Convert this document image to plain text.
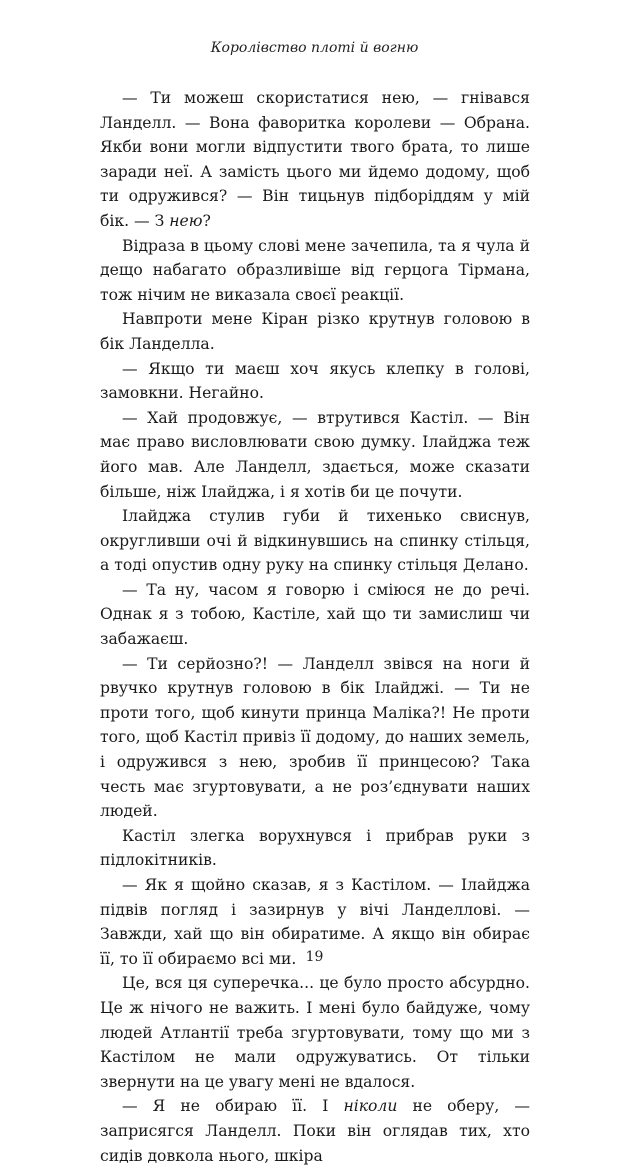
Королівство плоті й вогню

— Ти можеш скористатися нею, — гнівався Ланделл. — Вона фаворитка королеви — Обрана. Якби вони могли відпустити твого брата, то лише заради неї. А замість цього ми йдемо додому, щоб ти одружився? — Він тицьнув підборіддям у мій бік. — З нею?

Відраза в цьому слові мене зачепила, та я чула й дещо набагато образливіше від герцога Тірмана, тож нічим не виказала своєї реакції.

Навпроти мене Кіран різко крутнув головою в бік Ланделла.

— Якщо ти маєш хоч якусь клепку в голові, замовкни. Негайно.

— Хай продовжує, — втрутився Кастіл. — Він має право висловлювати свою думку. Ілайджа теж його мав. Але Ланделл, здається, може сказати більше, ніж Ілайджа, і я хотів би це почути.

Ілайджа стулив губи й тихенько свиснув, округливши очі й відкинувшись на спинку стільця, а тоді опустив одну руку на спинку стільця Делано.

— Та ну, часом я говорю і сміюся не до речі. Однак я з тобою, Кастіле, хай що ти замислиш чи забажаєш.

— Ти серйозно?! — Ланделл звівся на ноги й рвучко крутнув головою в бік Ілайджі. — Ти не проти того, щоб кинути принца Маліка?! Не проти того, щоб Кастіл привіз її додому, до наших земель, і одружився з нею, зробив її принцесою? Така честь має згуртовувати, а не роз’єднувати наших людей.

Кастіл злегка ворухнувся і прибрав руки з підлокітників.

— Як я щойно сказав, я з Кастілом. — Ілайджа підвів погляд і зазирнув у вічі Ланделлові. — Завжди, хай що він обиратиме. А якщо він обирає її, то її обираємо всі ми.

Це, вся ця суперечка... це було просто абсурдно. Це ж нічого не важить. І мені було байдуже, чому людей Атлантії треба згуртовувати, тому що ми з Кастілом не мали одружуватись. От тільки звернути на це увагу мені не вдалося.

— Я не обираю її. І ніколи не оберу, — заприсягся Ланделл. Поки він оглядав тих, хто сидів довкола нього, шкіра

19
